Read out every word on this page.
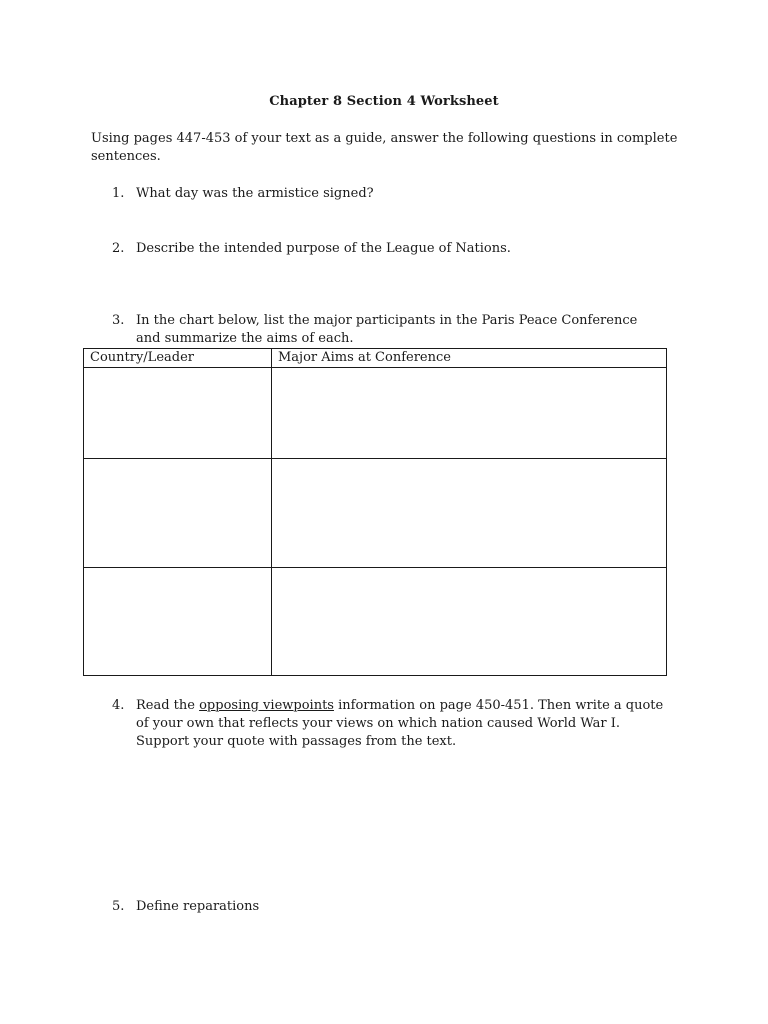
Chapter 8 Section 4 Worksheet
Using pages 447-453 of your text as a guide, answer the following questions in complete sentences.
1. What day was the armistice signed?
2. Describe the intended purpose of the League of Nations.
3. In the chart below, list the major participants in the Paris Peace Conference and summarize the aims of each.
Country/Leader	Major Aims at Conference

4. Read the opposing viewpoints information on page 450-451. Then write a quote of your own that reflects your views on which nation caused World War I. Support your quote with passages from the text.
5. Define reparations
